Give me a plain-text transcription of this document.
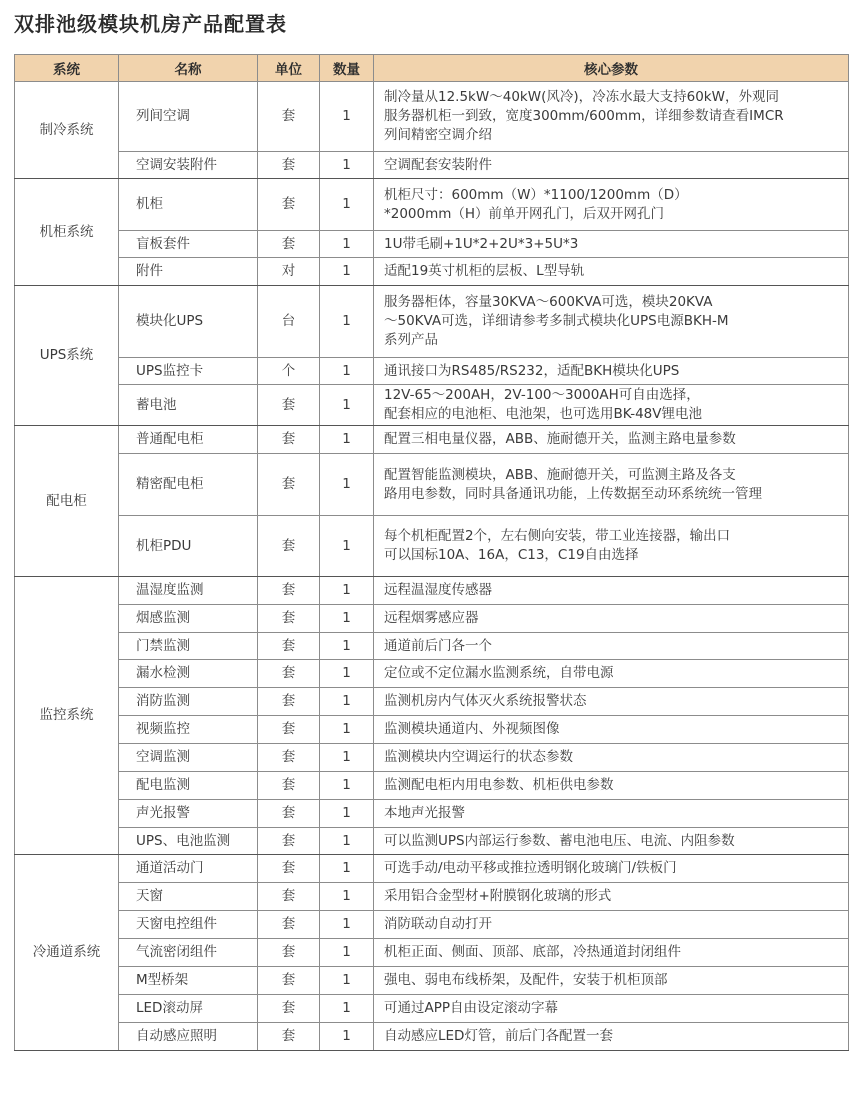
双排池级模块机房产品配置表
系统	名称	单位	数量	核心参数
制冷系统	列间空调	套	1	制冷量从12.5kW～40kW(风冷)，冷冻水最大支持60kW，外观同
服务器机柜一到致，宽度300mm/600mm，详细参数请查看IMCR
列间精密空调介绍

	空调安装附件	套	1	空调配套安装附件

机柜系统	机柜	套	1	机柜尺寸：600mm（W）*1100/1200mm（D）
*2000mm（H）前单开网孔门，后双开网孔门

	盲板套件	套	1	1U带毛刷+1U*2+2U*3+5U*3

	附件	对	1	适配19英寸机柜的层板、L型导轨

UPS系统	模块化UPS	台	1	服务器柜体，容量30KVA～600KVA可选，模块20KVA
～50KVA可选，详细请参考多制式模块化UPS电源BKH-M
系列产品

	UPS监控卡	个	1	通讯接口为RS485/RS232，适配BKH模块化UPS

	蓄电池	套	1	12V-65～200AH，2V-100～3000AH可自由选择，
配套相应的电池柜、电池架，也可选用BK-48V锂电池

配电柜	普通配电柜	套	1	配置三相电量仪器，ABB、施耐德开关，监测主路电量参数

	精密配电柜	套	1	配置智能监测模块，ABB、施耐德开关，可监测主路及各支
路用电参数，同时具备通讯功能，上传数据至动环系统统一管理

	机柜PDU	套	1	每个机柜配置2个，左右侧向安装，带工业连接器，输出口
可以国标10A、16A，C13，C19自由选择

监控系统	温湿度监测	套	1	远程温湿度传感器

	烟感监测	套	1	远程烟雾感应器

	门禁监测	套	1	通道前后门各一个

	漏水检测	套	1	定位或不定位漏水监测系统，自带电源

	消防监测	套	1	监测机房内气体灭火系统报警状态

	视频监控	套	1	监测模块通道内、外视频图像

	空调监测	套	1	监测模块内空调运行的状态参数

	配电监测	套	1	监测配电柜内用电参数、机柜供电参数

	声光报警	套	1	本地声光报警

	UPS、电池监测	套	1	可以监测UPS内部运行参数、蓄电池电压、电流、内阻参数

冷通道系统	通道活动门	套	1	可选手动/电动平移或推拉透明钢化玻璃门/铁板门

	天窗	套	1	采用铝合金型材+附膜钢化玻璃的形式

	天窗电控组件	套	1	消防联动自动打开

	气流密闭组件	套	1	机柜正面、侧面、顶部、底部，冷热通道封闭组件

	M型桥架	套	1	强电、弱电布线桥架，及配件，安装于机柜顶部

	LED滚动屏	套	1	可通过APP自由设定滚动字幕

	自动感应照明	套	1	自动感应LED灯管，前后门各配置一套
